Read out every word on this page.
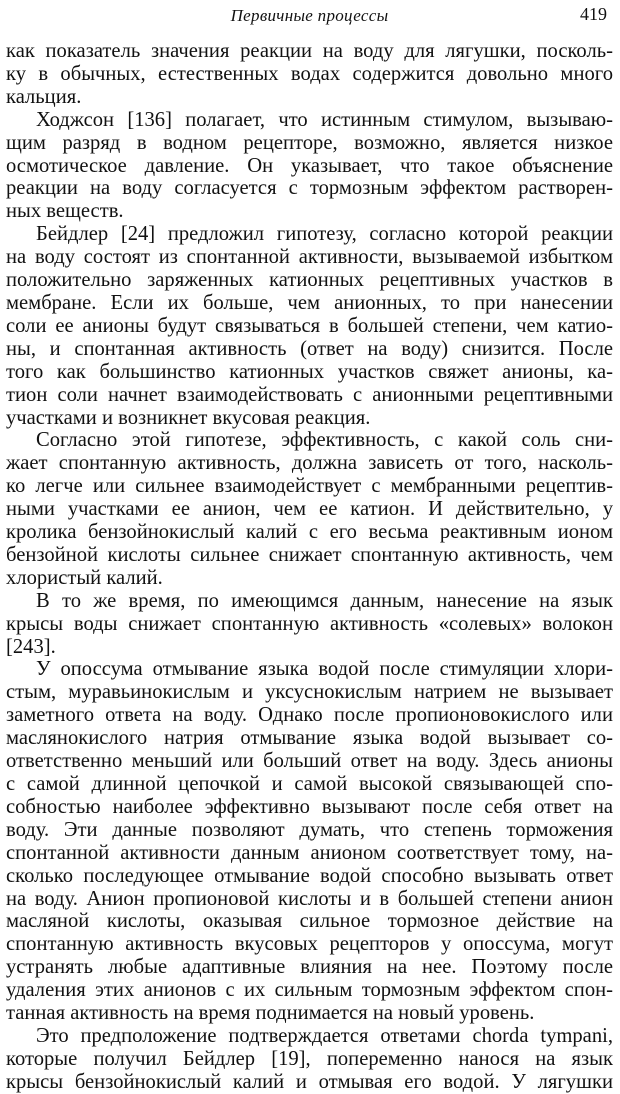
Первичные процессы	419
как показатель значения реакции на воду для лягушки, посколь-
ку в обычных, естественных водах содержится довольно много
кальция.
Ходжсон [136] полагает, что истинным стимулом, вызываю-
щим разряд в водном рецепторе, возможно, является низкое
осмотическое давление. Он указывает, что такое объяснение
реакции на воду согласуется с тормозным эффектом растворен-
ных веществ.
Бейдлер [24] предложил гипотезу, согласно которой реакции
на воду состоят из спонтанной активности, вызываемой избытком
положительно заряженных катионных рецептивных участков в
мембране. Если их больше, чем анионных, то при нанесении
соли ее анионы будут связываться в большей степени, чем катио-
ны, и спонтанная активность (ответ на воду) снизится. После
того как большинство катионных участков свяжет анионы, ка-
тион соли начнет взаимодействовать с анионными рецептивными
участками и возникнет вкусовая реакция.
Согласно этой гипотезе, эффективность, с какой соль сни-
жает спонтанную активность, должна зависеть от того, насколь-
ко легче или сильнее взаимодействует с мембранными рецептив-
ными участками ее анион, чем ее катион. И действительно, у
кролика бензойнокислый калий с его весьма реактивным ионом
бензойной кислоты сильнее снижает спонтанную активность, чем
хлористый калий.
В то же время, по имеющимся данным, нанесение на язык
крысы воды снижает спонтанную активность «солевых» волокон
[243].
У опоссума отмывание языка водой после стимуляции хлори-
стым, муравьинокислым и уксуснокислым натрием не вызывает
заметного ответа на воду. Однако после пропионовокислого или
маслянокислого натрия отмывание языка водой вызывает со-
ответственно меньший или больший ответ на воду. Здесь анионы
с самой длинной цепочкой и самой высокой связывающей спо-
собностью наиболее эффективно вызывают после себя ответ на
воду. Эти данные позволяют думать, что степень торможения
спонтанной активности данным анионом соответствует тому, на-
сколько последующее отмывание водой способно вызывать ответ
на воду. Анион пропионовой кислоты и в большей степени анион
масляной кислоты, оказывая сильное тормозное действие на
спонтанную активность вкусовых рецепторов у опоссума, могут
устранять любые адаптивные влияния на нее. Поэтому после
удаления этих анионов с их сильным тормозным эффектом спон-
танная активность на время поднимается на новый уровень.
Это предположение подтверждается ответами chorda tympani,
которые получил Бейдлер [19], попеременно нанося на язык
крысы бензойнокислый калий и отмывая его водой. У лягушки
